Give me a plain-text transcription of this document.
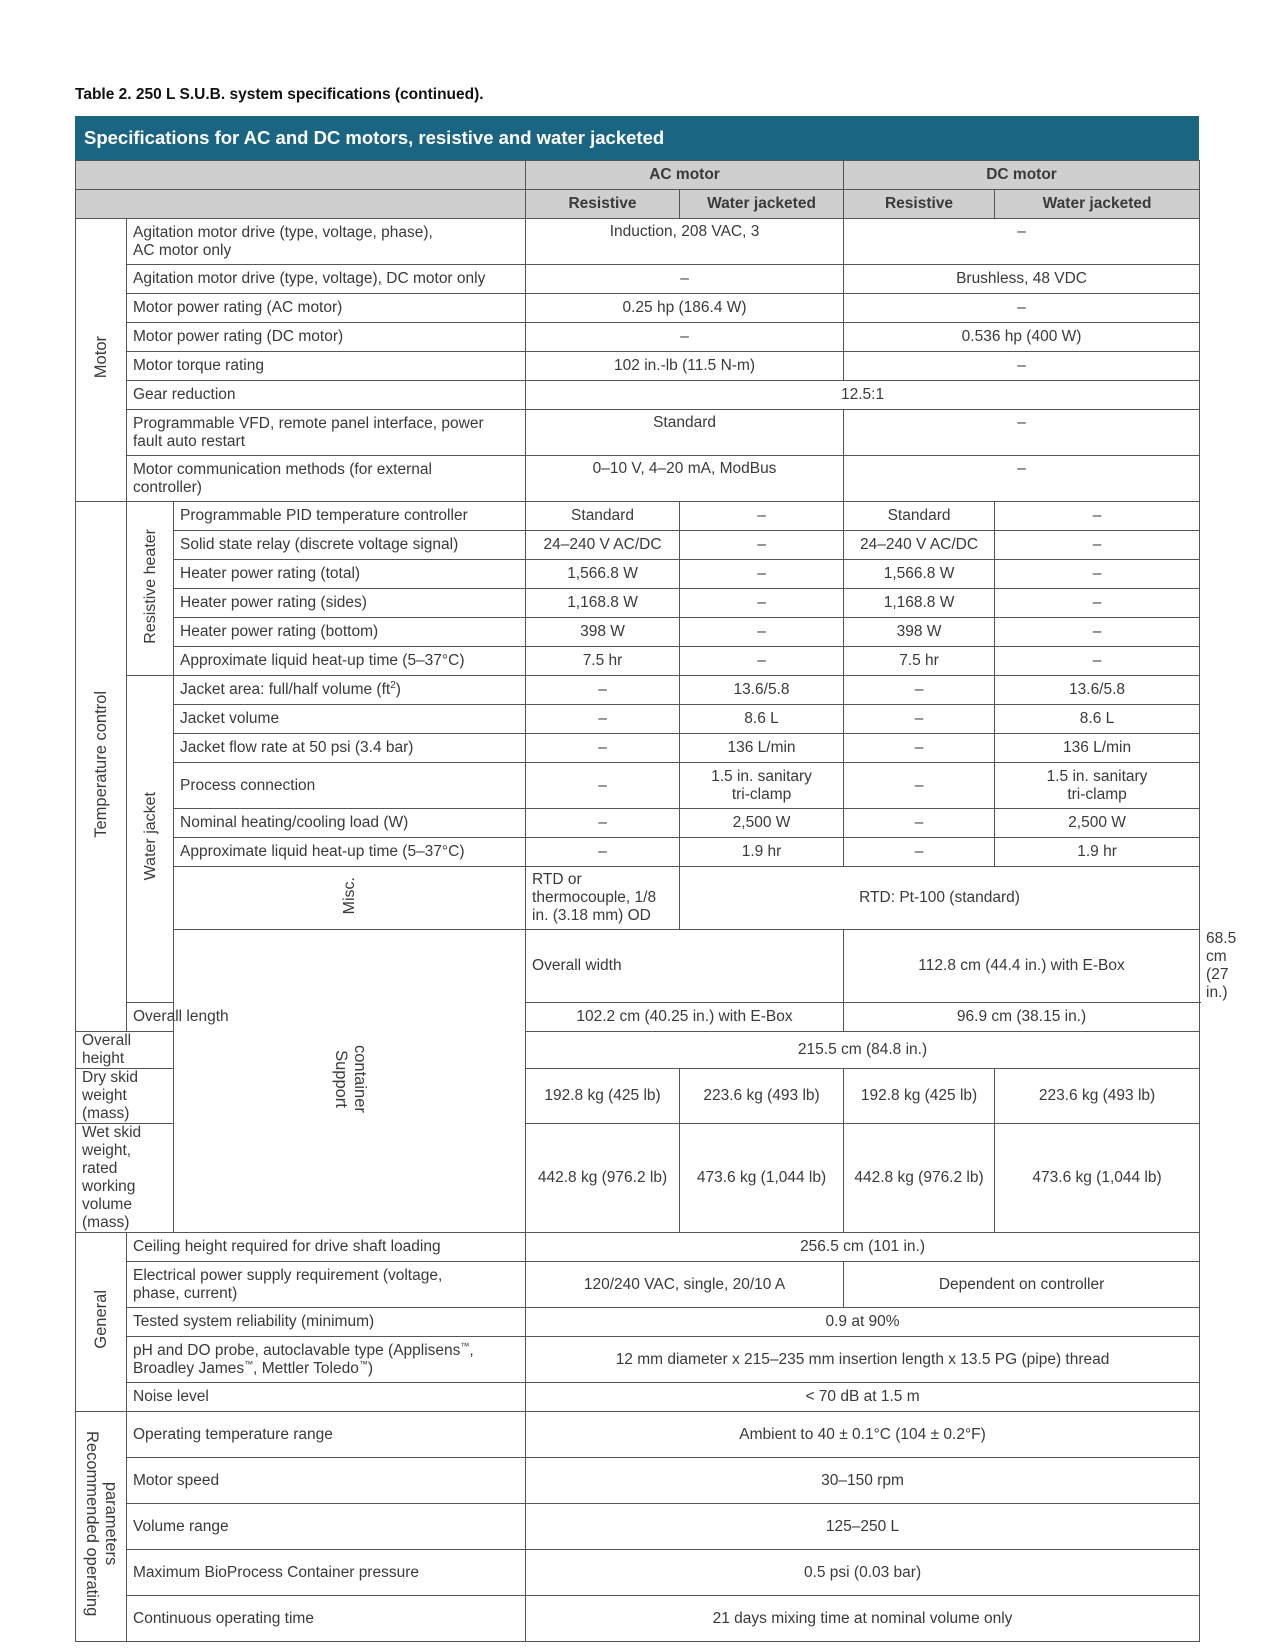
Table 2. 250 L S.U.B. system specifications (continued).
Specifications for AC and DC motors, resistive and water jacketed
			AC motor		DC motor		
			Resistive	Water jacketed	Resistive	Water jacketed	
Motor	Agitation motor drive (type, voltage, phase),
AC motor only		Induction, 208 VAC, 3		–		
	Agitation motor drive (type, voltage), DC motor only		–		Brushless, 48 VDC		
	Motor power rating (AC motor)		0.25 hp (186.4 W)		–		
	Motor power rating (DC motor)		–		0.536 hp (400 W)		
	Motor torque rating		102 in.-lb (11.5 N-m)		–		
	Gear reduction		12.5:1				
	Programmable VFD, remote panel interface, power
fault auto restart		Standard		–		
	Motor communication methods (for external
controller)		0–10 V, 4–20 mA, ModBus		–		
Temperature control	Resistive heater	Programmable PID temperature controller	Standard	–	Standard	–	
		Solid state relay (discrete voltage signal)	24–240 V AC/DC	–	24–240 V AC/DC	–	
		Heater power rating (total)	1,566.8 W	–	1,566.8 W	–	
		Heater power rating (sides)	1,168.8 W	–	1,168.8 W	–	
		Heater power rating (bottom)	398 W	–	398 W	–	
		Approximate liquid heat-up time (5–37°C)	7.5 hr	–	7.5 hr	–	
	Water jacket	Jacket area: full/half volume $(ft^2)$	–	13.6/5.8	–	13.6/5.8	
		Jacket volume	–	8.6 L	–	8.6 L	
		Jacket flow rate at 50 psi (3.4 bar)	–	136 L/min	–	136 L/min	
		Process connection	–	1.5 in. sanitary
tri-clamp	–	1.5 in. sanitary
tri-clamp	
		Nominal heating/cooling load (W)	–	2,500 W	–	2,500 W	
		Approximate liquid heat-up time (5–37°C)	–	1.9 hr	–	1.9 hr	
		Misc.	RTD or thermocouple, 1/8 in. (3.18 mm) OD	RTD: Pt-100 (standard)			
		Support
container	Overall width		112.8 cm (44.4 in.) with E-Box		68.5 cm (27 in.)
	Overall length		102.2 cm (40.25 in.) with E-Box		96.9 cm (38.15 in.)		
Overall height			215.5 cm (84.8 in.)				
Dry skid weight (mass)			192.8 kg (425 lb)	223.6 kg (493 lb)	192.8 kg (425 lb)	223.6 kg (493 lb)	
Wet skid weight, rated working volume (mass)			442.8 kg (976.2 lb)	473.6 kg (1,044 lb)	442.8 kg (976.2 lb)	473.6 kg (1,044 lb)	
General	Ceiling height required for drive shaft loading		256.5 cm (101 in.)				
	Electrical power supply requirement (voltage,
phase, current)		120/240 VAC, single, 20/10 A		Dependent on controller		
	Tested system reliability (minimum)		0.9 at 90%				
	pH and DO probe, autoclavable type (Applisens™,
Broadley James™, Mettler Toledo™)		12 mm diameter x 215–235 mm insertion length x 13.5 PG (pipe) thread				
	Noise level		< 70 dB at 1.5 m				
Recommended operating
parameters	Operating temperature range		Ambient to 40 ± 0.1°C (104 ± 0.2°F)				
	Motor speed		30–150 rpm				
	Volume range		125–250 L				
	Maximum BioProcess Container pressure		0.5 psi (0.03 bar)				
	Continuous operating time		21 days mixing time at nominal volume only				
